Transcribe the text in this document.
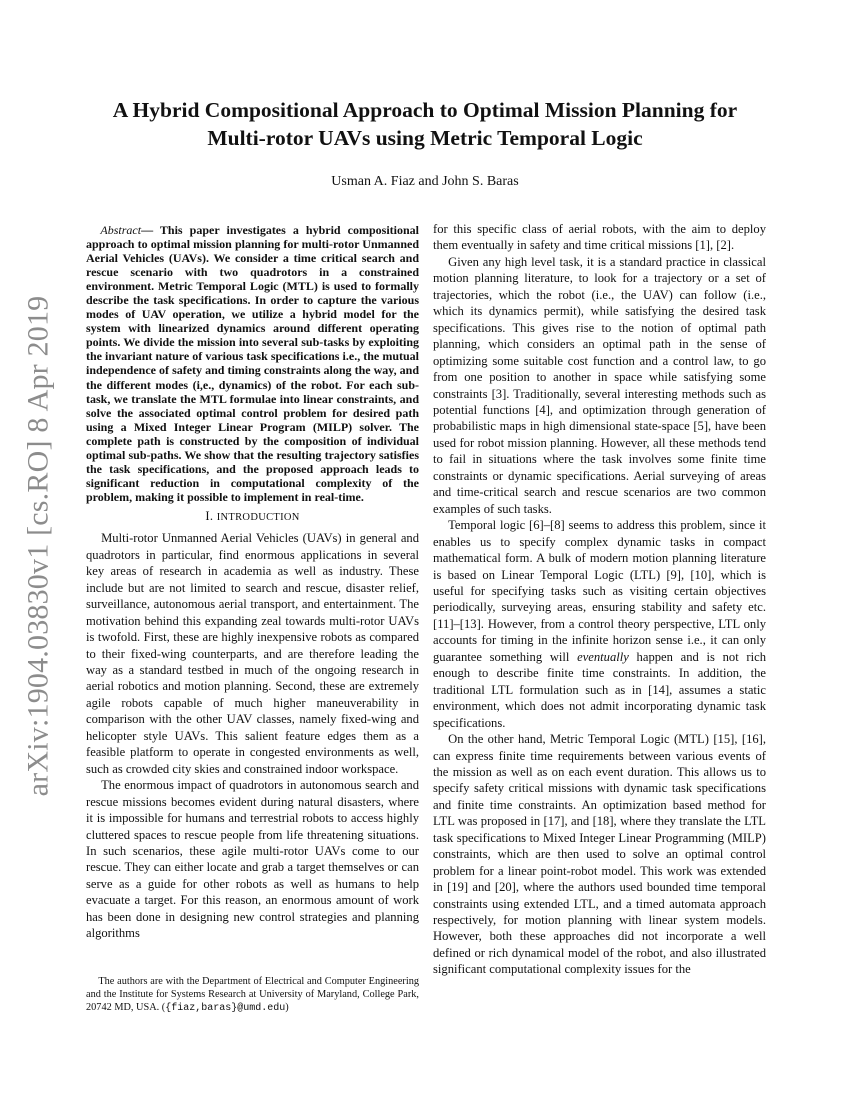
arXiv:1904.03830v1 [cs.RO] 8 Apr 2019
A Hybrid Compositional Approach to Optimal Mission Planning for
Multi-rotor UAVs using Metric Temporal Logic

Usman A. Fiaz and John S. Baras

Abstract— This paper investigates a hybrid compositional approach to optimal mission planning for multi-rotor Unmanned Aerial Vehicles (UAVs). We consider a time critical search and rescue scenario with two quadrotors in a constrained environment. Metric Temporal Logic (MTL) is used to formally describe the task specifications. In order to capture the various modes of UAV operation, we utilize a hybrid model for the system with linearized dynamics around different operating points. We divide the mission into several sub-tasks by exploiting the invariant nature of various task specifications i.e., the mutual independence of safety and timing constraints along the way, and the different modes (i,e., dynamics) of the robot. For each sub-task, we translate the MTL formulae into linear constraints, and solve the associated optimal control problem for desired path using a Mixed Integer Linear Program (MILP) solver. The complete path is constructed by the composition of individual optimal sub-paths. We show that the resulting trajectory satisfies the task specifications, and the proposed approach leads to significant reduction in computational complexity of the problem, making it possible to implement in real-time.

I. INTRODUCTION

Multi-rotor Unmanned Aerial Vehicles (UAVs) in general and quadrotors in particular, find enormous applications in several key areas of research in academia as well as industry. These include but are not limited to search and rescue, disaster relief, surveillance, autonomous aerial transport, and entertainment. The motivation behind this expanding zeal towards multi-rotor UAVs is twofold. First, these are highly inexpensive robots as compared to their fixed-wing counterparts, and are therefore leading the way as a standard testbed in much of the ongoing research in aerial robotics and motion planning. Second, these are extremely agile robots capable of much higher maneuverability in comparison with the other UAV classes, namely fixed-wing and helicopter style UAVs. This salient feature edges them as a feasible platform to operate in congested environments as well, such as crowded city skies and constrained indoor workspace.

The enormous impact of quadrotors in autonomous search and rescue missions becomes evident during natural disasters, where it is impossible for humans and terrestrial robots to access highly cluttered spaces to rescue people from life threatening situations. In such scenarios, these agile multi-rotor UAVs come to our rescue. They can either locate and grab a target themselves or can serve as a guide for other robots as well as humans to help evacuate a target. For this reason, an enormous amount of work has been done in designing new control strategies and planning algorithms

The authors are with the Department of Electrical and Computer Engineering and the Institute for Systems Research at University of Maryland, College Park, 20742 MD, USA. ({fiaz,baras}@umd.edu)

for this specific class of aerial robots, with the aim to deploy them eventually in safety and time critical missions [1], [2].

Given any high level task, it is a standard practice in classical motion planning literature, to look for a trajectory or a set of trajectories, which the robot (i.e., the UAV) can follow (i.e., which its dynamics permit), while satisfying the desired task specifications. This gives rise to the notion of optimal path planning, which considers an optimal path in the sense of optimizing some suitable cost function and a control law, to go from one position to another in space while satisfying some constraints [3]. Traditionally, several interesting methods such as potential functions [4], and optimization through generation of probabilistic maps in high dimensional state-space [5], have been used for robot mission planning. However, all these methods tend to fail in situations where the task involves some finite time constraints or dynamic specifications. Aerial surveying of areas and time-critical search and rescue scenarios are two common examples of such tasks.

Temporal logic [6]–[8] seems to address this problem, since it enables us to specify complex dynamic tasks in compact mathematical form. A bulk of modern motion planning literature is based on Linear Temporal Logic (LTL) [9], [10], which is useful for specifying tasks such as visiting certain objectives periodically, surveying areas, ensuring stability and safety etc. [11]–[13]. However, from a control theory perspective, LTL only accounts for timing in the infinite horizon sense i.e., it can only guarantee something will eventually happen and is not rich enough to describe finite time constraints. In addition, the traditional LTL formulation such as in [14], assumes a static environment, which does not admit incorporating dynamic task specifications.

On the other hand, Metric Temporal Logic (MTL) [15], [16], can express finite time requirements between various events of the mission as well as on each event duration. This allows us to specify safety critical missions with dynamic task specifications and finite time constraints. An optimization based method for LTL was proposed in [17], and [18], where they translate the LTL task specifications to Mixed Integer Linear Programming (MILP) constraints, which are then used to solve an optimal control problem for a linear point-robot model. This work was extended in [19] and [20], where the authors used bounded time temporal constraints using extended LTL, and a timed automata approach respectively, for motion planning with linear system models. However, both these approaches did not incorporate a well defined or rich dynamical model of the robot, and also illustrated significant computational complexity issues for the
